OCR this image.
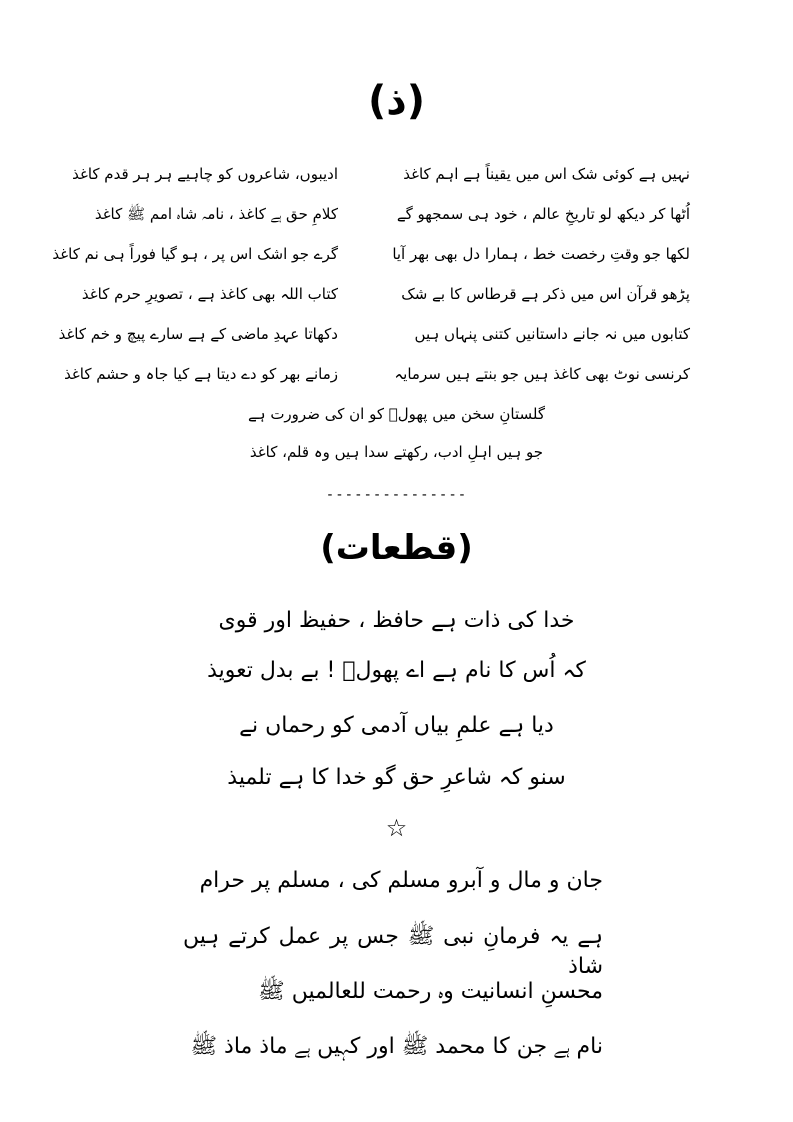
(ذ)
نہیں ہے کوئی شک اس میں یقیناً ہے اہم کاغذ
ادیبوں، شاعروں کو چاہیے ہر ہر قدم کاغذ
اُٹھا کر دیکھ لو تاریخِ عالم ، خود ہی سمجھو گے
کلامِ حق ہے کاغذ ، نامہ شاہ امم ﷺ کاغذ
لکھا جو وقتِ رخصت خط ، ہمارا دل بھی بھر آیا
گرے جو اشک اس پر ، ہو گیا فوراً ہی نم کاغذ
پڑھو قرآن اس میں ذکر ہے قرطاس کا بے شک
کتاب اللہ بھی کاغذ ہے ، تصویرِ حرم کاغذ
کتابوں میں نہ جانے داستانیں کتنی پنہاں ہیں
دکھاتا عہدِ ماضی کے ہے سارے پیچ و خم کاغذ
کرنسی نوٹ بھی کاغذ ہیں جو بنتے ہیں سرمایہ
زمانے بھر کو دے دیتا ہے کیا جاہ و حشم کاغذ
گلستانِ سخن میں پھولؔ کو ان کی ضرورت ہے
جو ہیں اہلِ ادب، رکھتے سدا ہیں وہ قلم، کاغذ
---------------
(قطعات)
خدا کی ذات ہے حافظ ، حفیظ اور قوی
کہ اُس کا نام ہے اے پھولؔ ! بے بدل تعویذ
دیا ہے علمِ بیاں آدمی کو رحماں نے
سنو کہ شاعرِ حق گو خدا کا ہے تلمیذ
☆
جان و مال و آبرو مسلم کی ، مسلم پر حرام
ہے یہ فرمانِ نبی ﷺ جس پر عمل کرتے ہیں شاذ
محسنِ انسانیت وہ رحمت للعالمیں ﷺ
نام ہے جن کا محمد ﷺ اور کہیں ہے ماذ ماذ ﷺ
